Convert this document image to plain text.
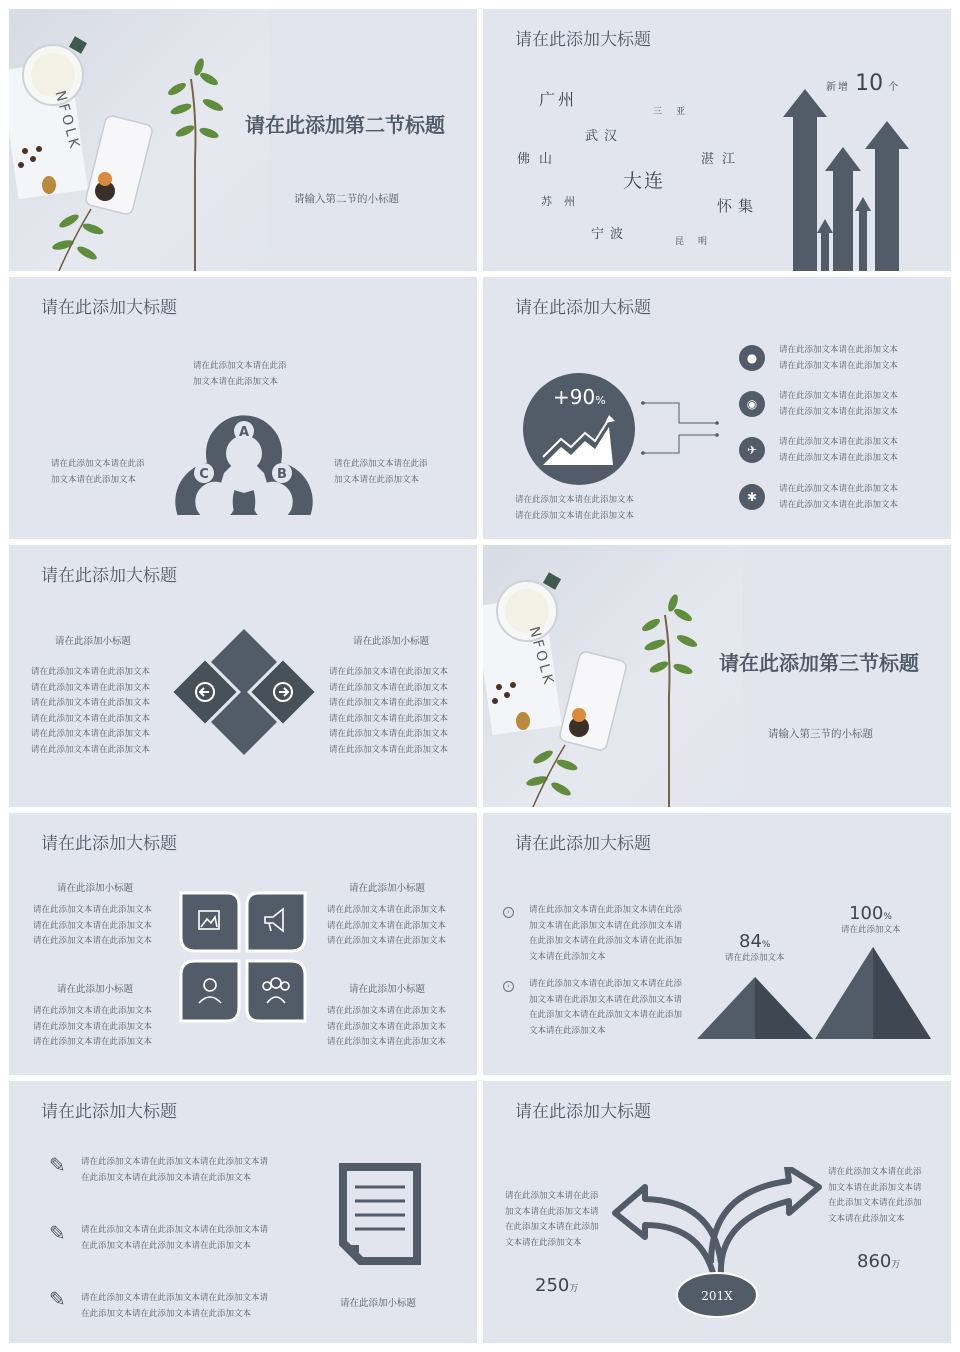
NFOLK	请在此添加第二节标题
请输入第二节的小标题
请在此添加大标题
广州
三亚
武汉
佛山	湛江
大连
苏州	怀集
宁波	昆明
新增 10 个
请在此添加大标题
请在此添加文本请在此添
加文本请在此添加文本
请在此添加文本请在此添
加文本请在此添加文本
请在此添加文本请在此添
加文本请在此添加文本
A
B
C
请在此添加大标题
+90%
请在此添加文本请在此添加文本
请在此添加文本请在此添加文本
●
请在此添加文本请在此添加文本
请在此添加文本请在此添加文本
◉
请在此添加文本请在此添加文本
请在此添加文本请在此添加文本
✈
请在此添加文本请在此添加文本
请在此添加文本请在此添加文本
✱
请在此添加文本请在此添加文本
请在此添加文本请在此添加文本
请在此添加大标题
请在此添加小标题	请在此添加小标题
请在此添加文本请在此添加文本
请在此添加文本请在此添加文本
请在此添加文本请在此添加文本
请在此添加文本请在此添加文本
请在此添加文本请在此添加文本
请在此添加文本请在此添加文本
请在此添加文本请在此添加文本
请在此添加文本请在此添加文本
请在此添加文本请在此添加文本
请在此添加文本请在此添加文本
请在此添加文本请在此添加文本
请在此添加文本请在此添加文本
NFOLK	请在此添加第三节标题
请输入第三节的小标题
请在此添加大标题
请在此添加小标题
请在此添加文本请在此添加文本
请在此添加文本请在此添加文本
请在此添加文本请在此添加文本
请在此添加小标题
请在此添加文本请在此添加文本
请在此添加文本请在此添加文本
请在此添加文本请在此添加文本
请在此添加小标题
请在此添加文本请在此添加文本
请在此添加文本请在此添加文本
请在此添加文本请在此添加文本
请在此添加小标题
请在此添加文本请在此添加文本
请在此添加文本请在此添加文本
请在此添加文本请在此添加文本
请在此添加大标题
›	请在此添加文本请在此添加文本请在此添
加文本请在此添加文本请在此添加文本请
在此添加文本请在此添加文本请在此添加
文本请在此添加文本
›	请在此添加文本请在此添加文本请在此添
加文本请在此添加文本请在此添加文本请
在此添加文本请在此添加文本请在此添加
文本请在此添加文本
84%
请在此添加文本
100%
请在此添加文本
请在此添加大标题
✎ 请在此添加文本请在此添加文本请在此添加文本请
在此添加文本请在此添加文本请在此添加文本
✎ 请在此添加文本请在此添加文本请在此添加文本请
在此添加文本请在此添加文本请在此添加文本
✎ 请在此添加文本请在此添加文本请在此添加文本请
在此添加文本请在此添加文本请在此添加文本
请在此添加小标题
请在此添加大标题
请在此添加文本请在此添
加文本请在此添加文本请
在此添加文本请在此添加
文本请在此添加文本
请在此添加文本请在此添
加文本请在此添加文本请
在此添加文本请在此添加
文本请在此添加文本
250万
860万
201X
